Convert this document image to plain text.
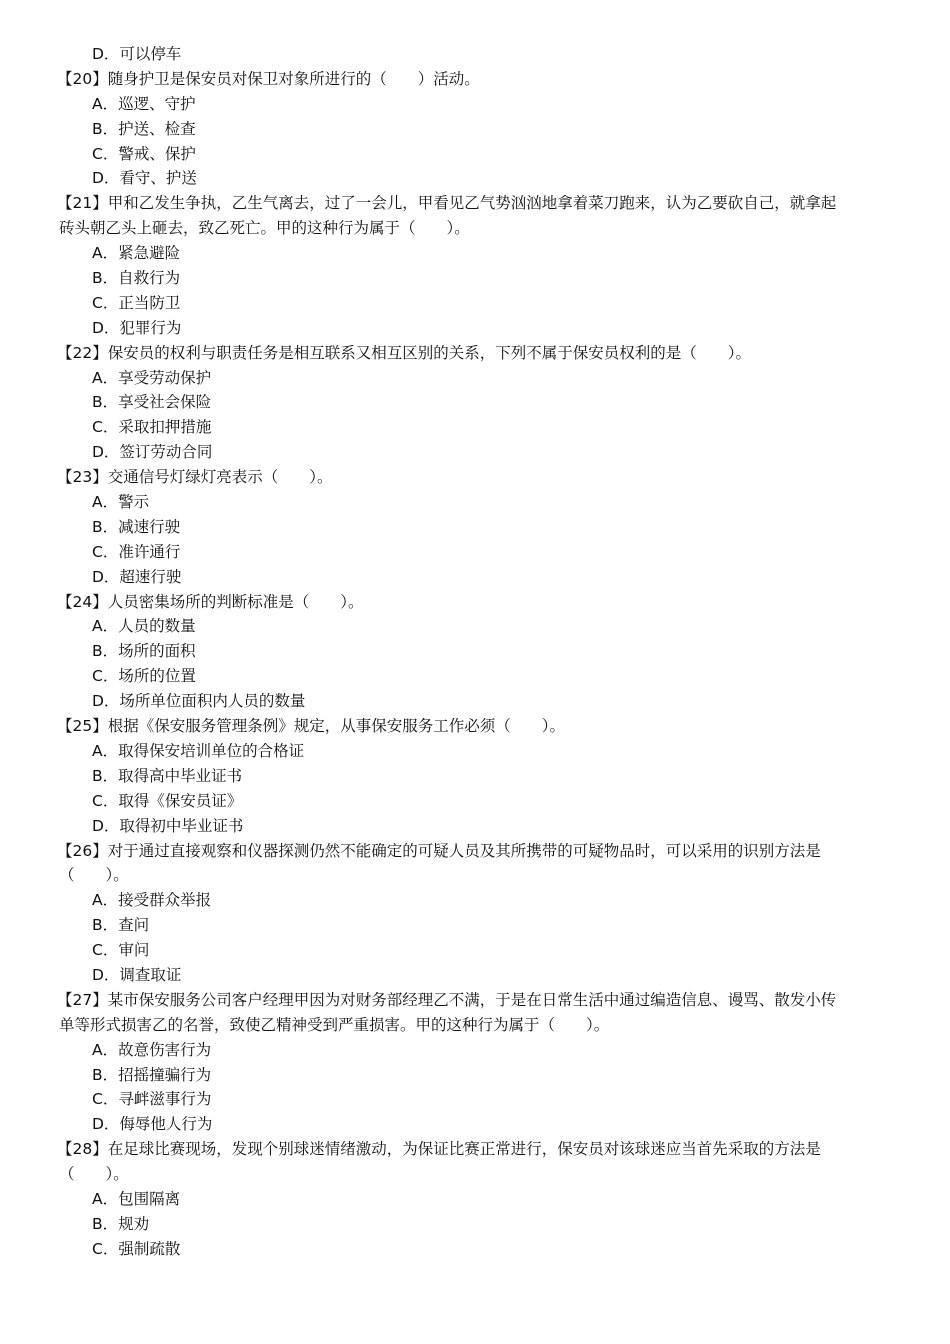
D．可以停车
【20】随身护卫是保安员对保卫对象所进行的（　　）活动。
A．巡逻、守护
B．护送、检查
C．警戒、保护
D．看守、护送
【21】甲和乙发生争执，乙生气离去，过了一会儿，甲看见乙气势汹汹地拿着菜刀跑来，认为乙要砍自己，就拿起
砖头朝乙头上砸去，致乙死亡。甲的这种行为属于（　　）。
A．紧急避险
B．自救行为
C．正当防卫
D．犯罪行为
【22】保安员的权利与职责任务是相互联系又相互区别的关系，下列不属于保安员权利的是（　　）。
A．享受劳动保护
B．享受社会保险
C．采取扣押措施
D．签订劳动合同
【23】交通信号灯绿灯亮表示（　　）。
A．警示
B．减速行驶
C．准许通行
D．超速行驶
【24】人员密集场所的判断标准是（　　）。
A．人员的数量
B．场所的面积
C．场所的位置
D．场所单位面积内人员的数量
【25】根据《保安服务管理条例》规定，从事保安服务工作必须（　　）。
A．取得保安培训单位的合格证
B．取得高中毕业证书
C．取得《保安员证》
D．取得初中毕业证书
【26】对于通过直接观察和仪器探测仍然不能确定的可疑人员及其所携带的可疑物品时，可以采用的识别方法是
（　　）。
A．接受群众举报
B．查问
C．审问
D．调查取证
【27】某市保安服务公司客户经理甲因为对财务部经理乙不满，于是在日常生活中通过编造信息、谩骂、散发小传
单等形式损害乙的名誉，致使乙精神受到严重损害。甲的这种行为属于（　　）。
A．故意伤害行为
B．招摇撞骗行为
C．寻衅滋事行为
D．侮辱他人行为
【28】在足球比赛现场，发现个别球迷情绪激动，为保证比赛正常进行，保安员对该球迷应当首先采取的方法是
（　　）。
A．包围隔离
B．规劝
C．强制疏散
